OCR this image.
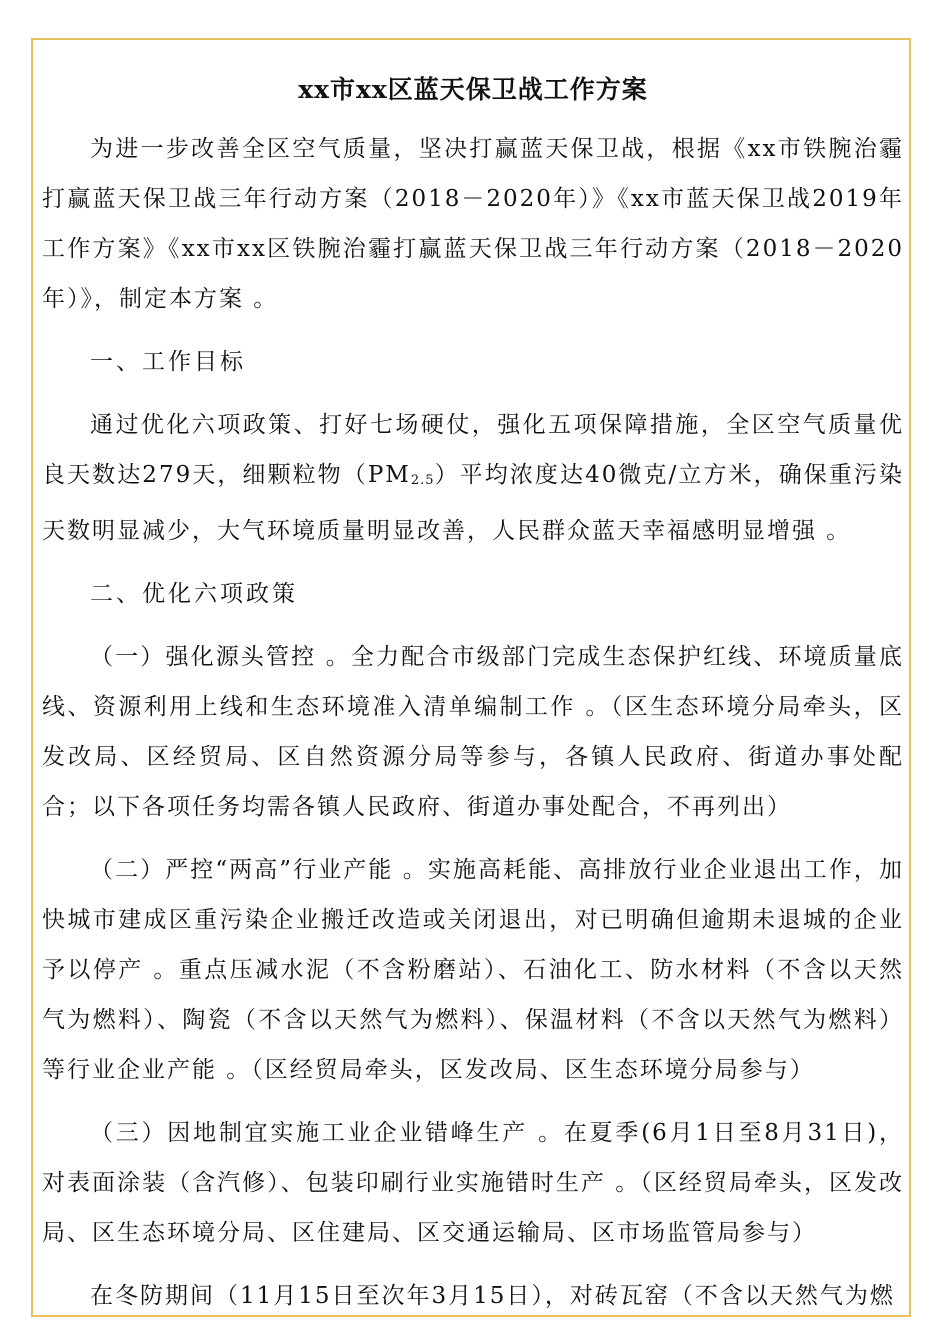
xx市xx区蓝天保卫战工作方案

为进一步改善全区空气质量，坚决打赢蓝天保卫战，根据《xx市铁腕治霾打赢蓝天保卫战三年行动方案（2018－2020年）》《xx市蓝天保卫战2019年工作方案》《xx市xx区铁腕治霾打赢蓝天保卫战三年行动方案（2018－2020年）》，制定本方案 。

一、工作目标

通过优化六项政策、打好七场硬仗，强化五项保障措施，全区空气质量优良天数达279天，细颗粒物（PM2.5）平均浓度达40微克/立方米，确保重污染天数明显减少，大气环境质量明显改善，人民群众蓝天幸福感明显增强 。

二、优化六项政策

（一）强化源头管控 。全力配合市级部门完成生态保护红线、环境质量底线、资源利用上线和生态环境准入清单编制工作 。（区生态环境分局牵头，区发改局、区经贸局、区自然资源分局等参与，各镇人民政府、街道办事处配合；以下各项任务均需各镇人民政府、街道办事处配合，不再列出）

（二）严控“两高”行业产能 。实施高耗能、高排放行业企业退出工作，加快城市建成区重污染企业搬迁改造或关闭退出，对已明确但逾期未退城的企业予以停产 。重点压减水泥（不含粉磨站）、石油化工、防水材料（不含以天然气为燃料）、陶瓷（不含以天然气为燃料）、保温材料（不含以天然气为燃料）等行业企业产能 。（区经贸局牵头，区发改局、区生态环境分局参与）

（三）因地制宜实施工业企业错峰生产 。在夏季(6月1日至8月31日)，对表面涂装（含汽修）、包装印刷行业实施错时生产 。（区经贸局牵头，区发改局、区生态环境分局、区住建局、区交通运输局、区市场监管局参与）

在冬防期间（11月15日至次年3月15日），对砖瓦窑（不含以天然气为燃
